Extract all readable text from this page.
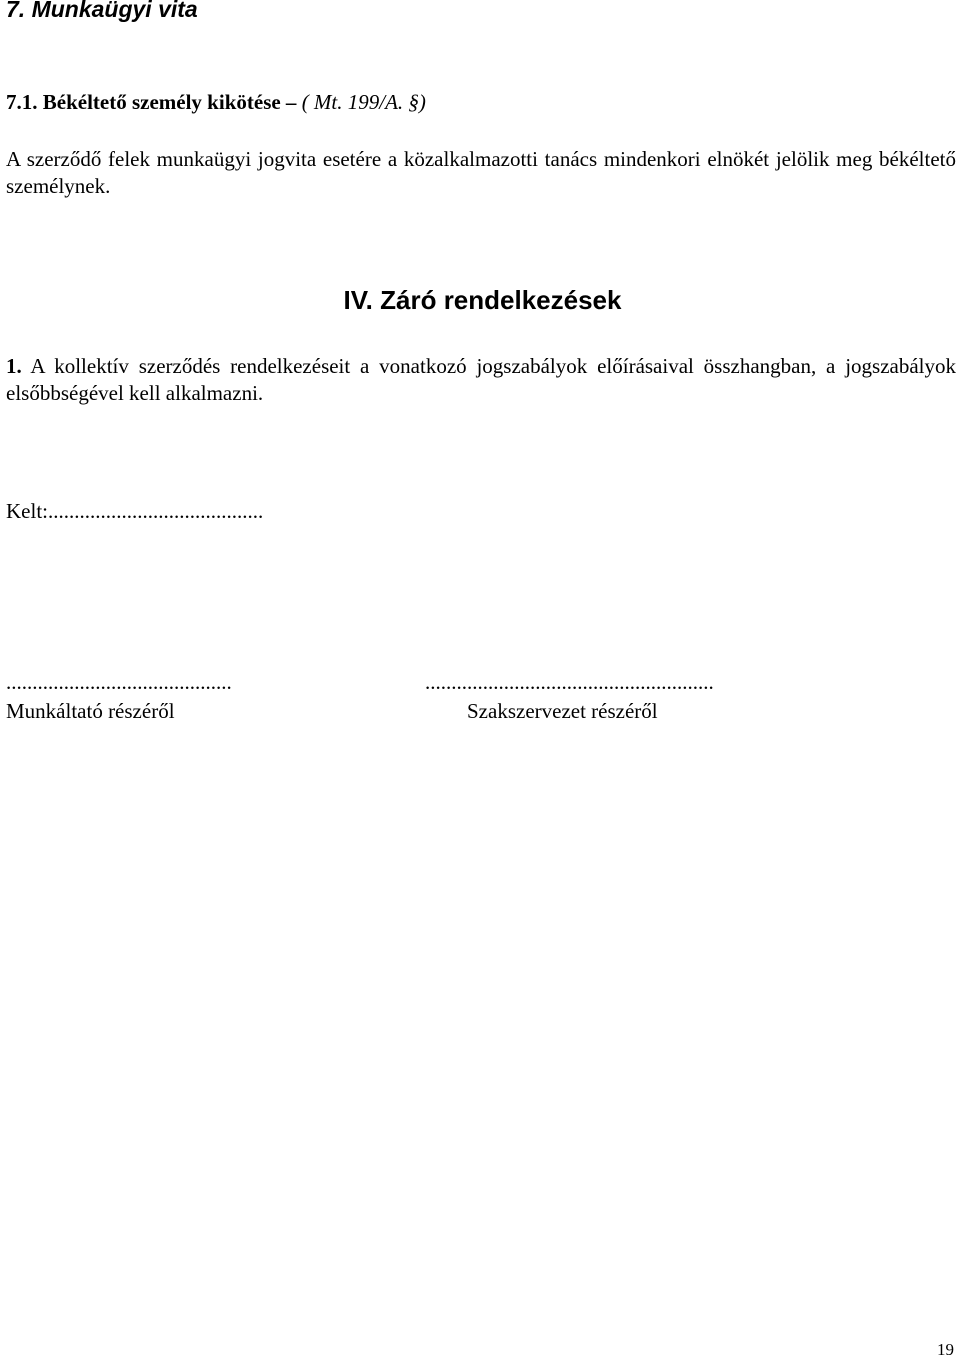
7. Munkaügyi vita
7.1. Békéltető személy kikötése – ( Mt. 199/A. §)
A szerződő felek munkaügyi jogvita esetére a közalkalmazotti tanács mindenkori elnökét jelölik meg békéltető személynek.
IV. Záró rendelkezések
1. A kollektív szerződés rendelkezéseit a vonatkozó jogszabályok előírásaival összhangban, a jogszabályok elsőbbségével kell alkalmazni.
Kelt:.........................................
...........................................	.......................................................
Munkáltató részéről	Szakszervezet részéről
19
